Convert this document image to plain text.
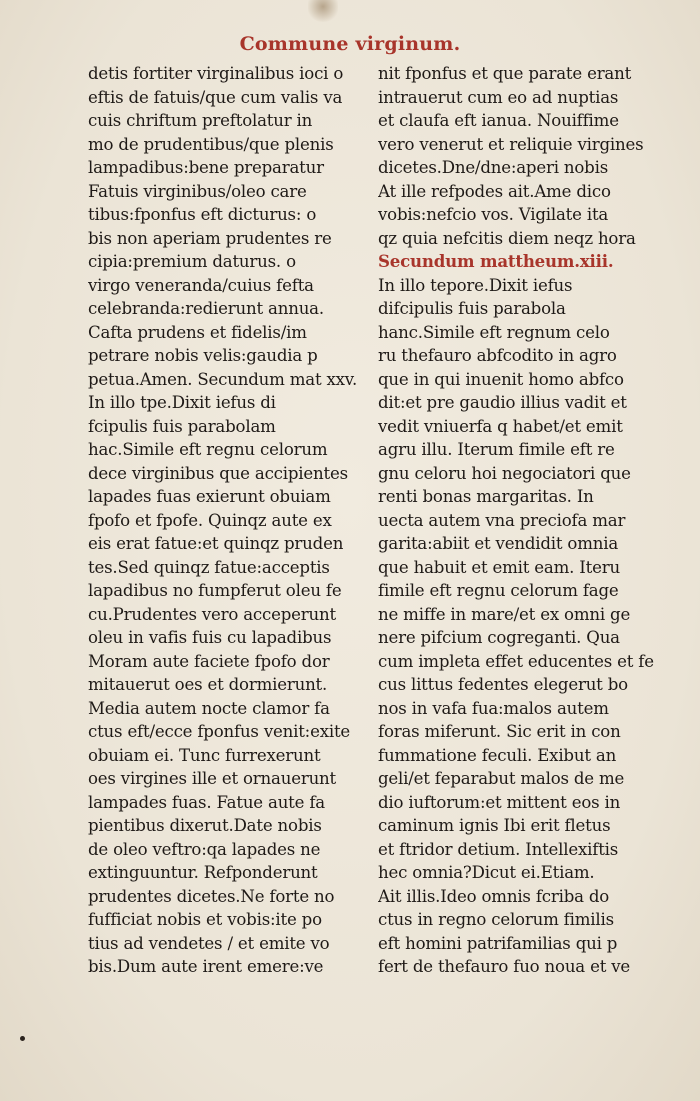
Commune virginum.

detis fortiter virginalibus ioci o

eftis de fatuis/que cum valis va

cuis chriftum preftolatur in

mo de prudentibus/que plenis

lampadibus:bene preparatur

Fatuis virginibus/oleo care

tibus:fponfus eft dicturus: o

bis non aperiam prudentes re

cipia:premium daturus. o

virgo veneranda/cuius fefta

celebranda:redierunt annua.

Cafta prudens et fidelis/im

petrare nobis velis:gaudia p

petua.Amen. Secundum mat xxv.

In illo tpe.Dixit iefus di

fcipulis fuis parabolam

hac.Simile eft regnu celorum

dece virginibus que accipientes

lapades fuas exierunt obuiam

fpofo et fpofe. Quinqz aute ex

eis erat fatue:et quinqz pruden

tes.Sed quinqz fatue:acceptis

lapadibus no fumpferut oleu fe

cu.Prudentes vero acceperunt

oleu in vafis fuis cu lapadibus

Moram aute faciete fpofo dor

mitauerut oes et dormierunt.

Media autem nocte clamor fa

ctus eft/ecce fponfus venit:exite

obuiam ei. Tunc furrexerunt

oes virgines ille et ornauerunt

lampades fuas. Fatue aute fa

pientibus dixerut.Date nobis

de oleo veftro:qa lapades ne

extinguuntur. Refponderunt

prudentes dicetes.Ne forte no

fufficiat nobis et vobis:ite po

tius ad vendetes / et emite vo

bis.Dum aute irent emere:ve

nit fponfus et que parate erant

intrauerut cum eo ad nuptias

et claufa eft ianua. Nouiffime

vero venerut et reliquie virgines

dicetes.Dne/dne:aperi nobis

At ille refpodes ait.Ame dico

vobis:nefcio vos. Vigilate ita

qz quia nefcitis diem neqz hora

Secundum mattheum.xiii.

In illo tepore.Dixit iefus

difcipulis fuis parabola

hanc.Simile eft regnum celo

ru thefauro abfcodito in agro

que in qui inuenit homo abfco

dit:et pre gaudio illius vadit et

vedit vniuerfa q habet/et emit

agru illu. Iterum fimile eft re

gnu celoru hoi negociatori que

renti bonas margaritas. In

uecta autem vna preciofa mar

garita:abiit et vendidit omnia

que habuit et emit eam. Iteru

fimile eft regnu celorum fage

ne miffe in mare/et ex omni ge

nere pifcium cogreganti. Qua

cum impleta effet educentes et fe

cus littus fedentes elegerut bo

nos in vafa fua:malos autem

foras miferunt. Sic erit in con

fummatione feculi. Exibut an

geli/et feparabut malos de me

dio iuftorum:et mittent eos in

caminum ignis Ibi erit fletus

et ftridor detium. Intellexiftis

hec omnia?Dicut ei.Etiam.

Ait illis.Ideo omnis fcriba do

ctus in regno celorum fimilis

eft homini patrifamilias qui p

fert de thefauro fuo noua et ve
